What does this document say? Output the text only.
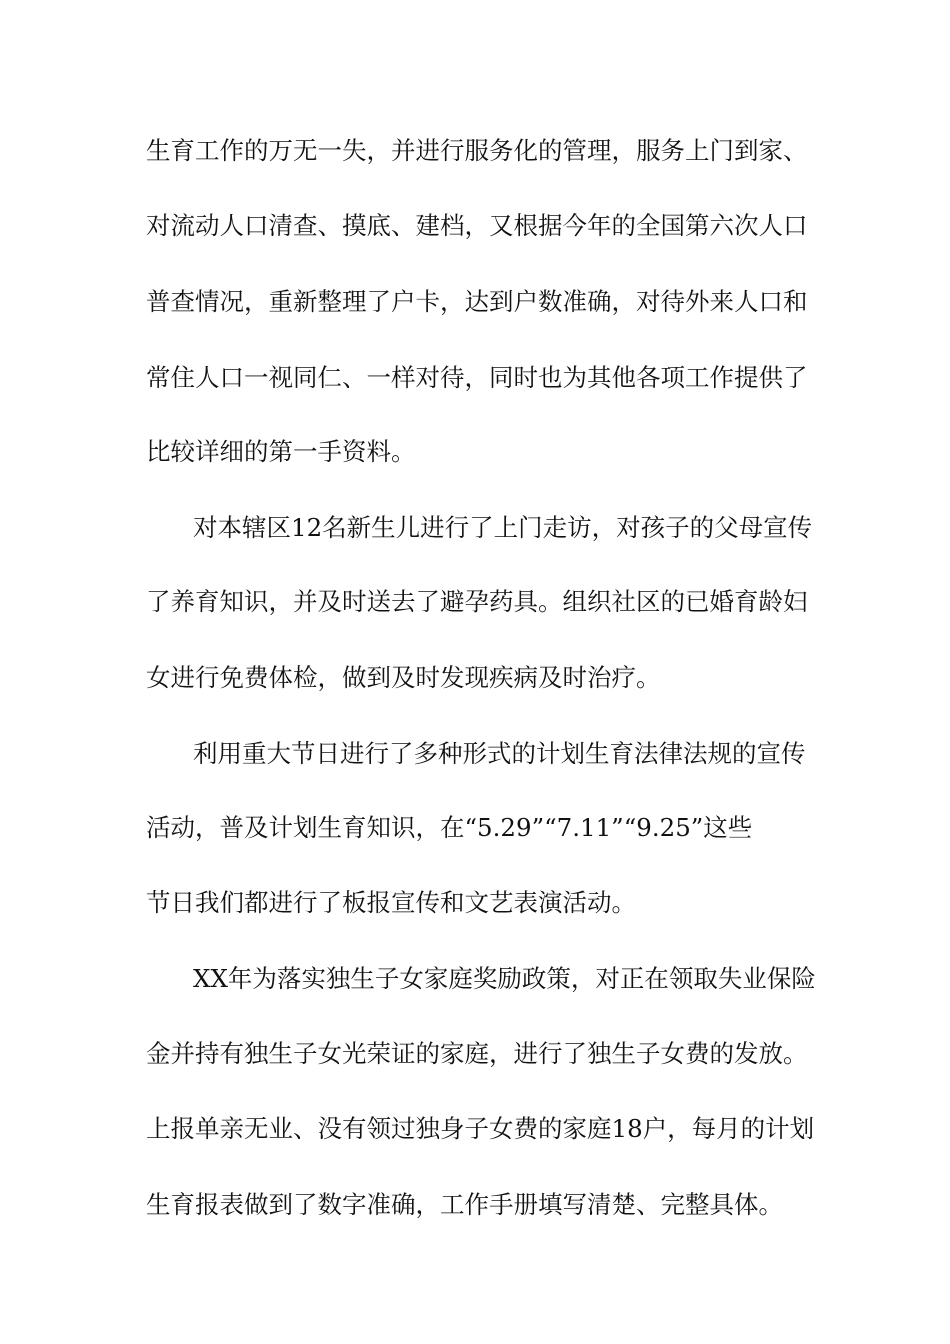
生育工作的万无一失，并进行服务化的管理，服务上门到家、
对流动人口清查、摸底、建档，又根据今年的全国第六次人口
普查情况，重新整理了户卡，达到户数准确，对待外来人口和
常住人口一视同仁、一样对待，同时也为其他各项工作提供了
比较详细的第一手资料。
对本辖区12名新生儿进行了上门走访，对孩子的父母宣传
了养育知识，并及时送去了避孕药具。组织社区的已婚育龄妇
女进行免费体检，做到及时发现疾病及时治疗。
利用重大节日进行了多种形式的计划生育法律法规的宣传
活动，普及计划生育知识，在“5.29”“7.11”“9.25”这些
节日我们都进行了板报宣传和文艺表演活动。
XX年为落实独生子女家庭奖励政策，对正在领取失业保险
金并持有独生子女光荣证的家庭，进行了独生子女费的发放。
上报单亲无业、没有领过独身子女费的家庭18户，每月的计划
生育报表做到了数字准确，工作手册填写清楚、完整具体。
